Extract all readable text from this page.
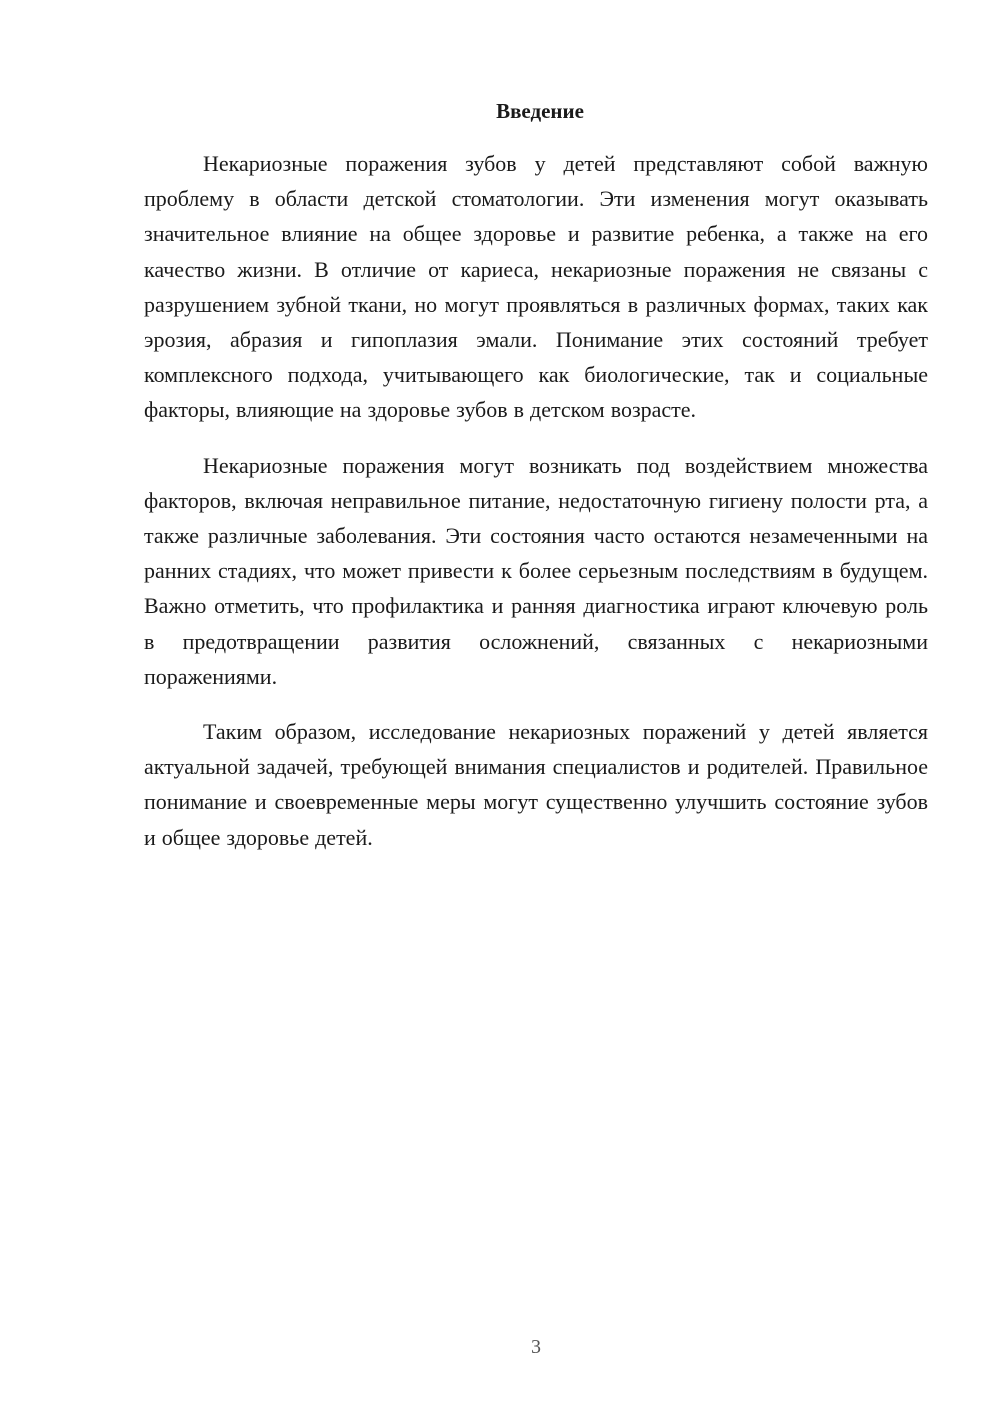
Введение

Некариозные поражения зубов у детей представляют собой важную проблему в области детской стоматологии. Эти изменения могут оказывать значительное влияние на общее здоровье и развитие ребенка, а также на его качество жизни. В отличие от кариеса, некариозные поражения не связаны с разрушением зубной ткани, но могут проявляться в различных формах, таких как эрозия, абразия и гипоплазия эмали. Понимание этих состояний требует комплексного подхода, учитывающего как биологические, так и социальные факторы, влияющие на здоровье зубов в детском возрасте.

Некариозные поражения могут возникать под воздействием множества факторов, включая неправильное питание, недостаточную гигиену полости рта, а также различные заболевания. Эти состояния часто остаются незамеченными на ранних стадиях, что может привести к более серьезным последствиям в будущем. Важно отметить, что профилактика и ранняя диагностика играют ключевую роль в предотвращении развития осложнений, связанных с некариозными поражениями.

Таким образом, исследование некариозных поражений у детей является актуальной задачей, требующей внимания специалистов и родителей. Правильное понимание и своевременные меры могут существенно улучшить состояние зубов и общее здоровье детей.

3
